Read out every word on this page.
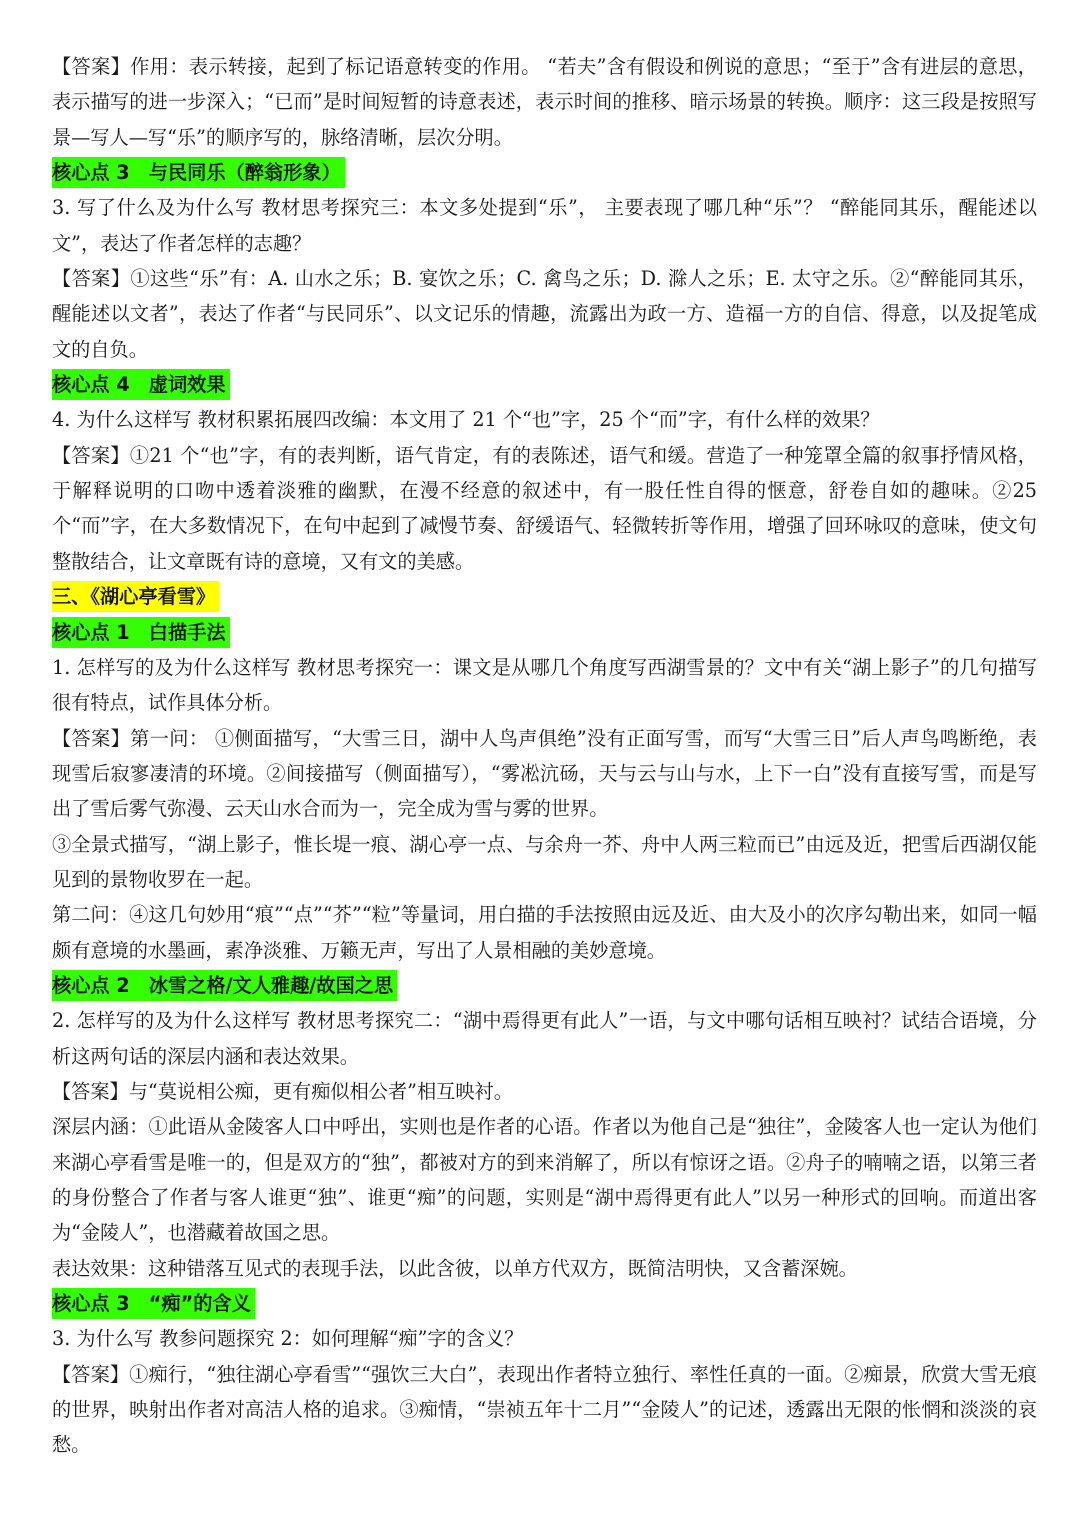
【答案】作用：表示转接，起到了标记语意转变的作用。 “若夫”含有假设和例说的意思；“至于”含有进层的意思，表示描写的进一步深入；“已而”是时间短暂的诗意表述，表示时间的推移、暗示场景的转换。顺序：这三段是按照写景—写人—写“乐”的顺序写的，脉络清晰，层次分明。

核心点 3　与民同乐（醉翁形象）

3. 写了什么及为什么写 教材思考探究三：本文多处提到“乐”， 主要表现了哪几种“乐”？ “醉能同其乐，醒能述以文”，表达了作者怎样的志趣？

【答案】①这些“乐”有：A. 山水之乐；B. 宴饮之乐；C. 禽鸟之乐；D. 滁人之乐；E. 太守之乐。②“醉能同其乐，醒能述以文者”，表达了作者“与民同乐”、以文记乐的情趣，流露出为政一方、造福一方的自信、得意，以及捉笔成文的自负。

核心点 4　虚词效果

4. 为什么这样写 教材积累拓展四改编：本文用了 21 个“也”字，25 个“而”字，有什么样的效果？

【答案】①21 个“也”字，有的表判断，语气肯定，有的表陈述，语气和缓。营造了一种笼罩全篇的叙事抒情风格，于解释说明的口吻中透着淡雅的幽默，在漫不经意的叙述中，有一股任性自得的惬意，舒卷自如的趣味。②25 个“而”字，在大多数情况下，在句中起到了减慢节奏、舒缓语气、轻微转折等作用，增强了回环咏叹的意味，使文句整散结合，让文章既有诗的意境，又有文的美感。

三、《湖心亭看雪》
核心点 1　白描手法

1. 怎样写的及为什么这样写 教材思考探究一：课文是从哪几个角度写西湖雪景的？文中有关“湖上影子”的几句描写很有特点，试作具体分析。

【答案】第一问： ①侧面描写，“大雪三日，湖中人鸟声俱绝”没有正面写雪，而写“大雪三日”后人声鸟鸣断绝，表现雪后寂寥凄清的环境。②间接描写（侧面描写），“雾凇沆砀，天与云与山与水，上下一白”没有直接写雪，而是写出了雪后雾气弥漫、云天山水合而为一，完全成为雪与雾的世界。

③全景式描写，“湖上影子，惟长堤一痕、湖心亭一点、与余舟一芥、舟中人两三粒而已”由远及近，把雪后西湖仅能见到的景物收罗在一起。

第二问：④这几句妙用“痕”“点”“芥”“粒”等量词，用白描的手法按照由远及近、由大及小的次序勾勒出来，如同一幅颇有意境的水墨画，素净淡雅、万籁无声，写出了人景相融的美妙意境。

核心点 2　冰雪之格/文人雅趣/故国之思

2. 怎样写的及为什么这样写 教材思考探究二：“湖中焉得更有此人”一语，与文中哪句话相互映衬？试结合语境，分析这两句话的深层内涵和表达效果。

【答案】与“莫说相公痴，更有痴似相公者”相互映衬。

深层内涵：①此语从金陵客人口中呼出，实则也是作者的心语。作者以为他自己是“独往”，金陵客人也一定认为他们来湖心亭看雪是唯一的，但是双方的“独”，都被对方的到来消解了，所以有惊讶之语。②舟子的喃喃之语，以第三者的身份整合了作者与客人谁更“独”、谁更“痴”的问题，实则是“湖中焉得更有此人”以另一种形式的回响。而道出客为“金陵人”，也潜藏着故国之思。

表达效果：这种错落互见式的表现手法，以此含彼，以单方代双方，既简洁明快，又含蓄深婉。

核心点 3　“痴”的含义

3. 为什么写 教参问题探究 2：如何理解“痴”字的含义？

【答案】①痴行，“独往湖心亭看雪”“强饮三大白”，表现出作者特立独行、率性任真的一面。②痴景，欣赏大雪无痕的世界，映射出作者对高洁人格的追求。③痴情，“崇祯五年十二月”“金陵人”的记述，透露出无限的怅惘和淡淡的哀愁。
